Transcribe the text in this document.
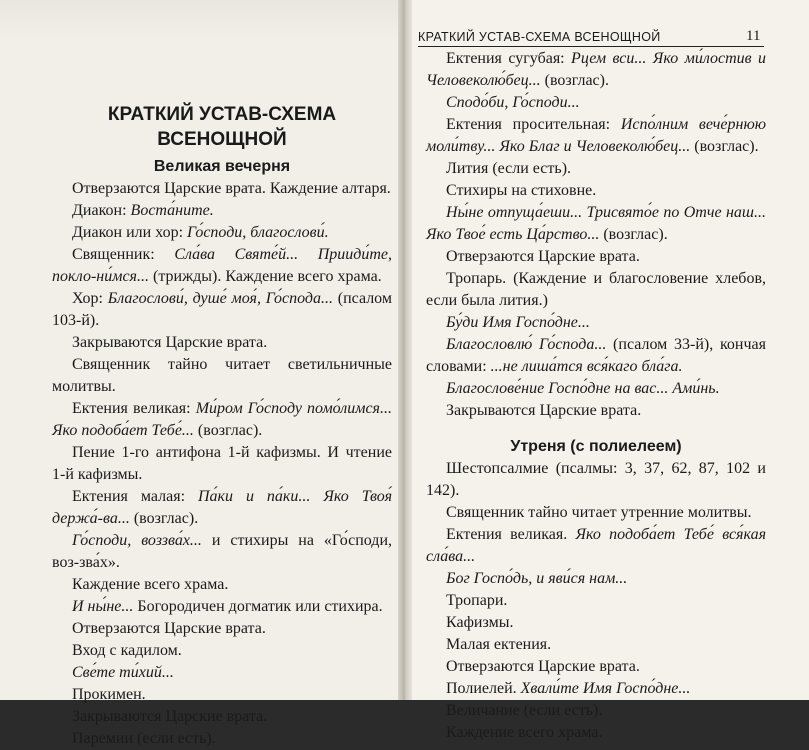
КРАТКИЙ УСТАВ-СХЕМА ВСЕНОЩНОЙ	11
КРАТКИЙ УСТАВ-СХЕМА
ВСЕНОЩНОЙ
Великая вечерня

Отверзаются Царские врата. Каждение алтаря.

Диакон: Воста́ните.

Диакон или хор: Го́споди, благослови́.

Священник: Сла́ва Святе́й... Прииди́те, покло-ни́мся... (трижды). Каждение всего храма.

Хор: Благослови́, душе́ моя́, Го́спода... (псалом 103-й).

Закрываются Царские врата.

Священник тайно читает светильничные молитвы.

Ектения великая: Ми́ром Го́споду помо́лимся... Яко подоба́ет Тебе́... (возглас).

Пение 1-го антифона 1-й кафизмы. И чтение 1-й кафизмы.

Ектения малая: Па́ки и па́ки... Яко Твоя́ держа́-ва... (возглас).

Го́споди, воззва́х... и стихиры на «Го́споди, воз-зва́х».

Каждение всего храма.

И ны́не... Богородичен догматик или стихира.

Отверзаются Царские врата.

Вход с кадилом.

Све́те ти́хий...

Прокимен.

Закрываются Царские врата.

Паремии (если есть).

Ектения сугубая: Рцем вси... Яко ми́лостив и Человеколю́бец... (возглас).

Сподо́би, Го́споди...

Ектения просительная: Испо́лним вече́рнюю моли́тву... Яко Благ и Человеколю́бец... (возглас).

Лития (если есть).

Стихиры на стиховне.

Ны́не отпуща́еши... Трисвято́е по Отче наш... Яко Твое́ есть Ца́рство... (возглас).

Отверзаются Царские врата.

Тропарь. (Каждение и благословение хлебов, если была лития.)

Бу́ди Имя Госпо́дне...

Благословлю́ Го́спода... (псалом 33-й), кончая словами: ...не лиша́тся вся́каго бла́га.

Благослове́ние Госпо́дне на вас... Ами́нь.

Закрываются Царские врата.

Утреня (с полиелеем)

Шестопсалмие (псалмы: 3, 37, 62, 87, 102 и 142).

Священник тайно читает утренние молитвы.

Ектения великая. Яко подоба́ет Тебе́ вся́кая сла́ва...

Бог Госпо́дь, и яви́ся нам...

Тропари.

Кафизмы.

Малая ектения.

Отверзаются Царские врата.

Полиелей. Хвали́те Имя Госпо́дне...

Величание (если есть).

Каждение всего храма.
